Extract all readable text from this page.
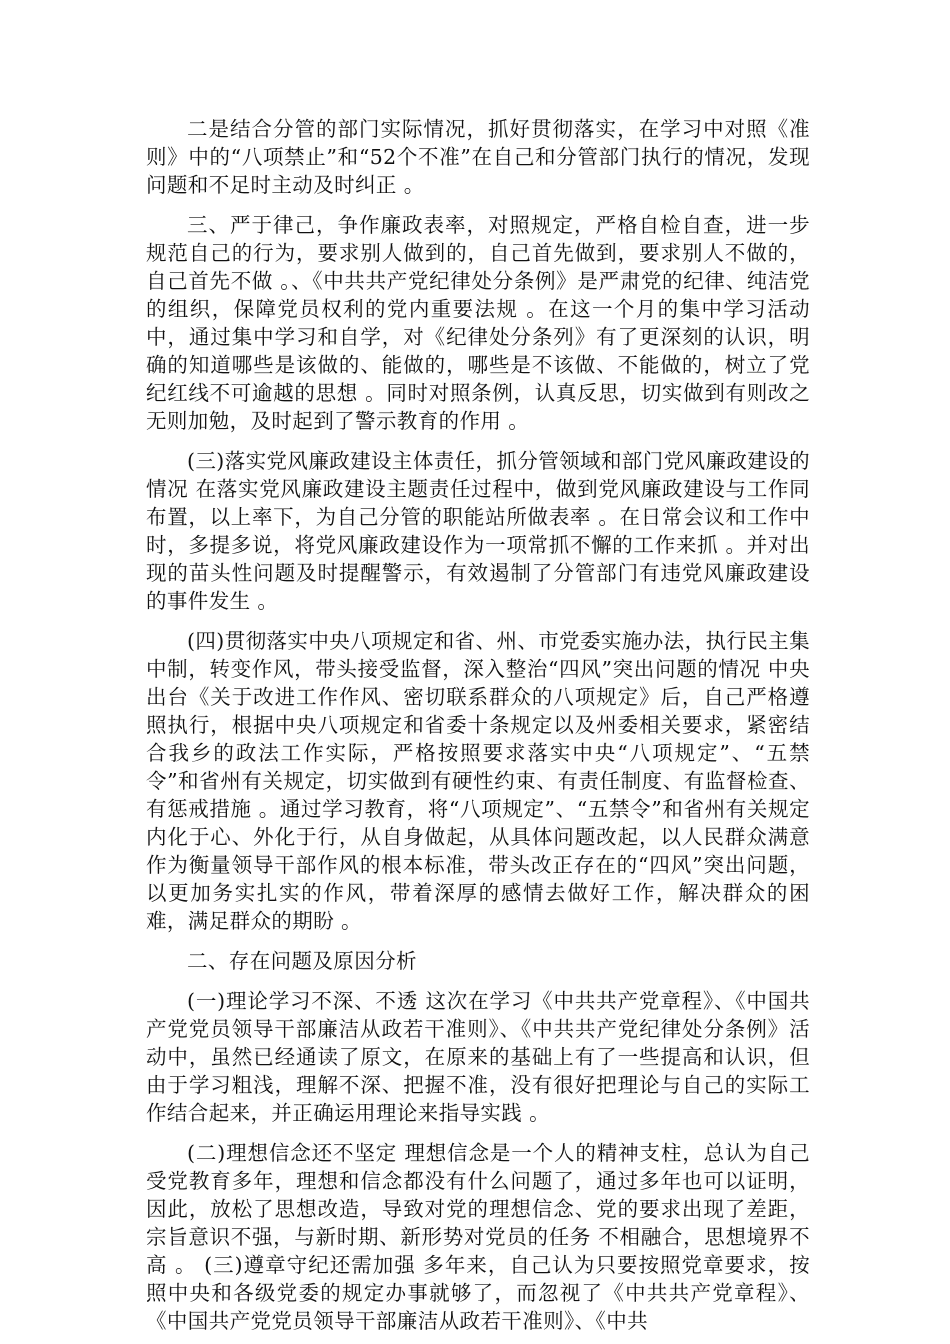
二是结合分管的部门实际情况，抓好贯彻落实，在学习中对照《准则》中的“八项禁止”和“52个不准”在自己和分管部门执行的情况，发现问题和不足时主动及时纠正 。

三、严于律己，争作廉政表率，对照规定，严格自检自查，进一步规范自己的行为，要求别人做到的，自己首先做到，要求别人不做的，自己首先不做 。、《中共共产党纪律处分条例》是严肃党的纪律、纯洁党的组织，保障党员权利的党内重要法规 。在这一个月的集中学习活动中，通过集中学习和自学，对《纪律处分条列》有了更深刻的认识，明确的知道哪些是该做的、能做的，哪些是不该做、不能做的，树立了党纪红线不可逾越的思想 。同时对照条例，认真反思，切实做到有则改之无则加勉，及时起到了警示教育的作用 。

(三)落实党风廉政建设主体责任，抓分管领域和部门党风廉政建设的情况 在落实党风廉政建设主题责任过程中，做到党风廉政建设与工作同布置，以上率下，为自己分管的职能站所做表率 。在日常会议和工作中时，多提多说，将党风廉政建设作为一项常抓不懈的工作来抓 。并对出现的苗头性问题及时提醒警示，有效遏制了分管部门有违党风廉政建设的事件发生 。

(四)贯彻落实中央八项规定和省、州、市党委实施办法，执行民主集中制，转变作风，带头接受监督，深入整治“四风”突出问题的情况 中央出台《关于改进工作作风、密切联系群众的八项规定》后，自己严格遵照执行，根据中央八项规定和省委十条规定以及州委相关要求，紧密结合我乡的政法工作实际，严格按照要求落实中央“八项规定”、“五禁令”和省州有关规定，切实做到有硬性约束、有责任制度、有监督检查、有惩戒措施 。通过学习教育，将“八项规定”、“五禁令”和省州有关规定内化于心、外化于行，从自身做起，从具体问题改起，以人民群众满意作为衡量领导干部作风的根本标准，带头改正存在的“四风”突出问题，以更加务实扎实的作风，带着深厚的感情去做好工作，解决群众的困难，满足群众的期盼 。

二、存在问题及原因分析

(一)理论学习不深、不透 这次在学习《中共共产党章程》、《中国共产党党员领导干部廉洁从政若干准则》、《中共共产党纪律处分条例》活动中，虽然已经通读了原文，在原来的基础上有了一些提高和认识，但由于学习粗浅，理解不深、把握不准，没有很好把理论与自己的实际工作结合起来，并正确运用理论来指导实践 。

(二)理想信念还不坚定 理想信念是一个人的精神支柱，总认为自己受党教育多年，理想和信念都没有什么问题了，通过多年也可以证明，因此，放松了思想改造，导致对党的理想信念、党的要求出现了差距，宗旨意识不强，与新时期、新形势对党员的任务 不相融合，思想境界不高 。 (三)遵章守纪还需加强 多年来，自己认为只要按照党章要求，按照中央和各级党委的规定办事就够了，而忽视了《中共共产党章程》、《中国共产党党员领导干部廉洁从政若干准则》、《中共
